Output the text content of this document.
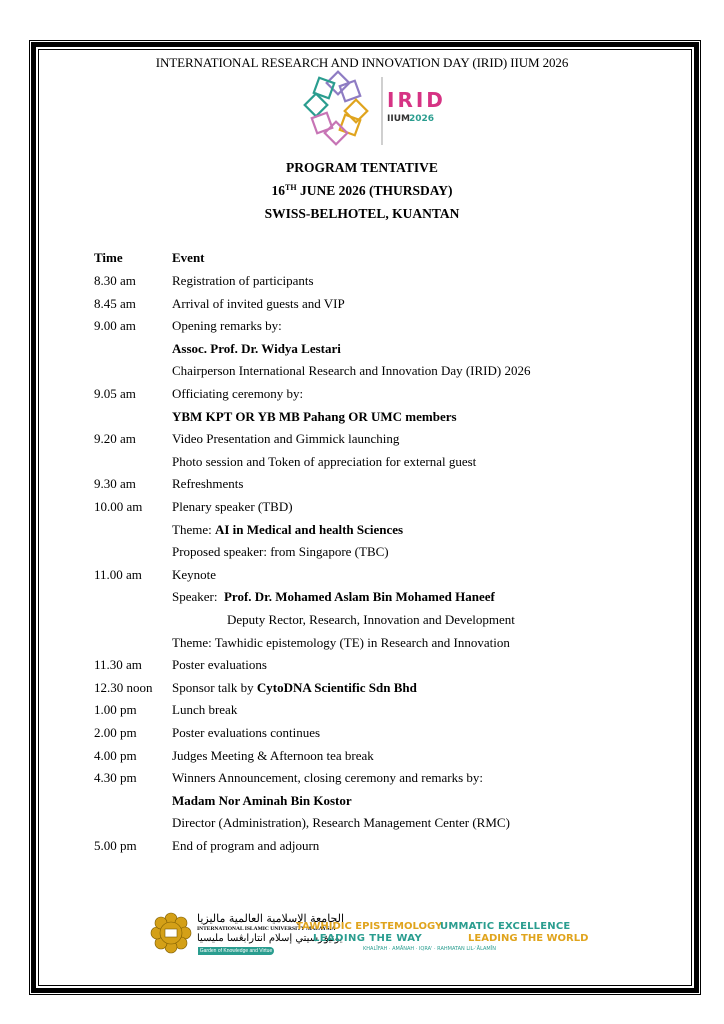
INTERNATIONAL RESEARCH AND INNOVATION DAY (IRID) IIUM 2026
IRID
IIUM 2026
PROGRAM TENTATIVE
16TH JUNE 2026 (THURSDAY)
SWISS-BELHOTEL, KUANTAN
Time	Event
8.30 am	Registration of participants
8.45 am	Arrival of invited guests and VIP
9.00 am	Opening remarks by:
Assoc. Prof. Dr. Widya Lestari
Chairperson International Research and Innovation Day (IRID) 2026
9.05 am	Officiating ceremony by:
YBM KPT OR YB MB Pahang OR UMC members
9.20 am	Video Presentation and Gimmick launching
Photo session and Token of appreciation for external guest
9.30 am	Refreshments
10.00 am Plenary speaker (TBD)
Theme: AI in Medical and health Sciences
Proposed speaker: from Singapore (TBC)
11.00 am Keynote
Speaker:  Prof. Dr. Mohamed Aslam Bin Mohamed Haneef
Deputy Rector, Research, Innovation and Development
Theme: Tawhidic epistemology (TE) in Research and Innovation
11.30 am Poster evaluations
12.30 noon Sponsor talk by CytoDNA Scientific Sdn Bhd
1.00 pm	Lunch break
2.00 pm	Poster evaluations continues
4.00 pm	Judges Meeting & Afternoon tea break
4.30 pm	Winners Announcement, closing ceremony and remarks by:
Madam Nor Aminah Bin Kostor
Director (Administration), Research Management Center (RMC)
5.00 pm	End of program and adjourn
الجامعة الإسلامية العالمية ماليزيا
INTERNATIONAL ISLAMIC UNIVERSITY MALAYSIA
يونيۏرسيتي إسلام انتارابڠسا مليسيا
Garden of Knowledge and Virtue
TAWHIDIC EPISTEMOLOGY
LEADING THE WAY
UMMATIC EXCELLENCE
LEADING THE WORLD
KHALĪFAH · AMĀNAH · IQRA' · RAHMATAN LIL-ʿĀLAMĪN
